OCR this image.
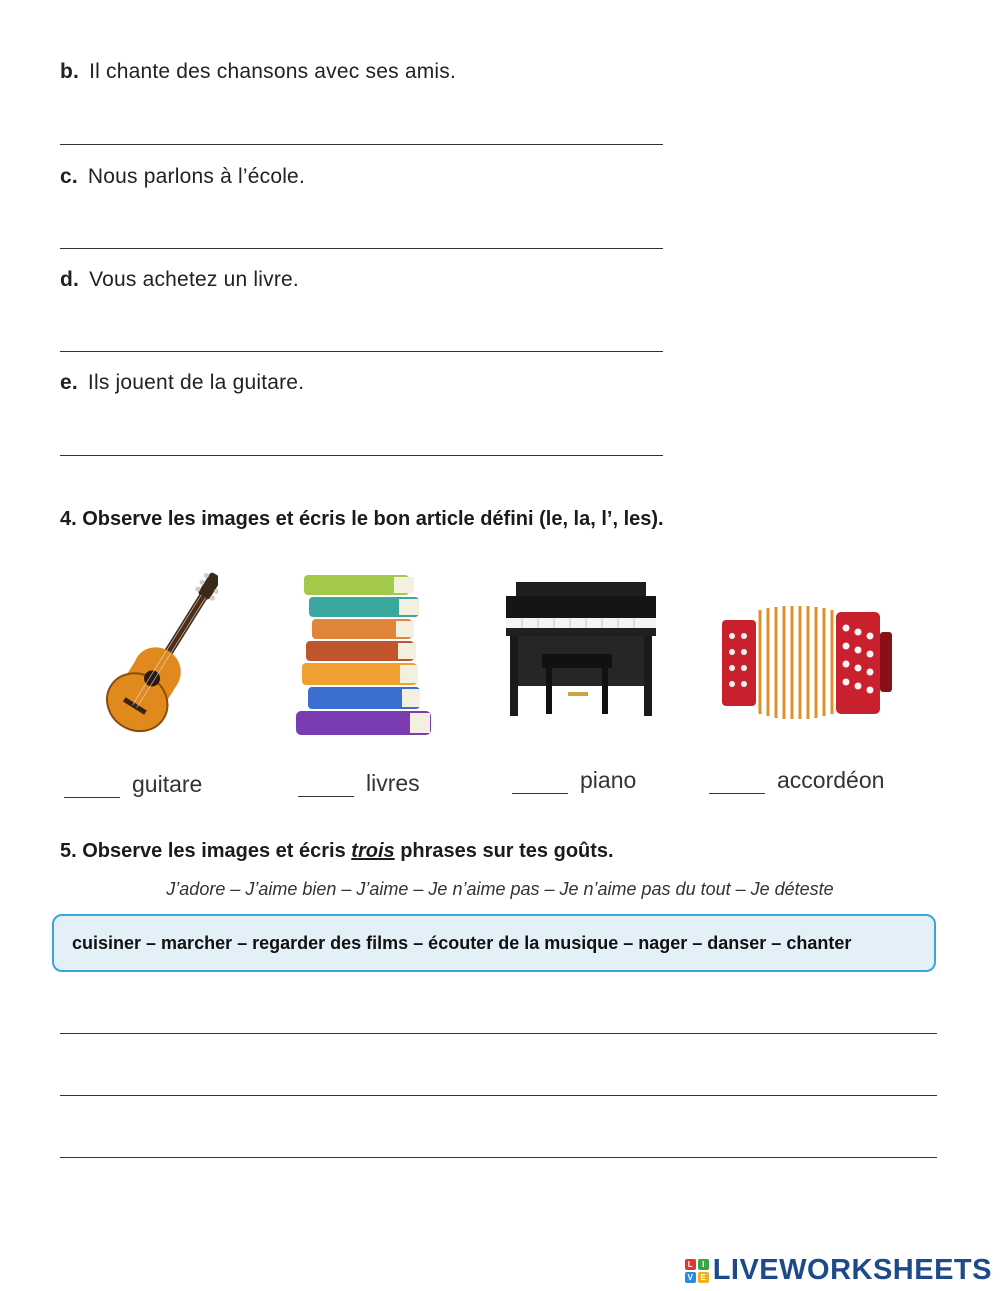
b. Il chante des chansons avec ses amis.
c. Nous parlons à l’école.
d. Vous achetez un livre.
e. Ils jouent de la guitare.
4. Observe les images et écris le bon article défini (le, la, l’, les).
guitare	livres	piano	accordéon
5. Observe les images et écris trois phrases sur tes goûts.
J’adore – J’aime bien – J’aime – Je n’aime pas – Je n’aime pas du tout – Je déteste
cuisiner – marcher – regarder des films – écouter de la musique – nager – danser – chanter
L	I
V E LIVEWORKSHEETS
